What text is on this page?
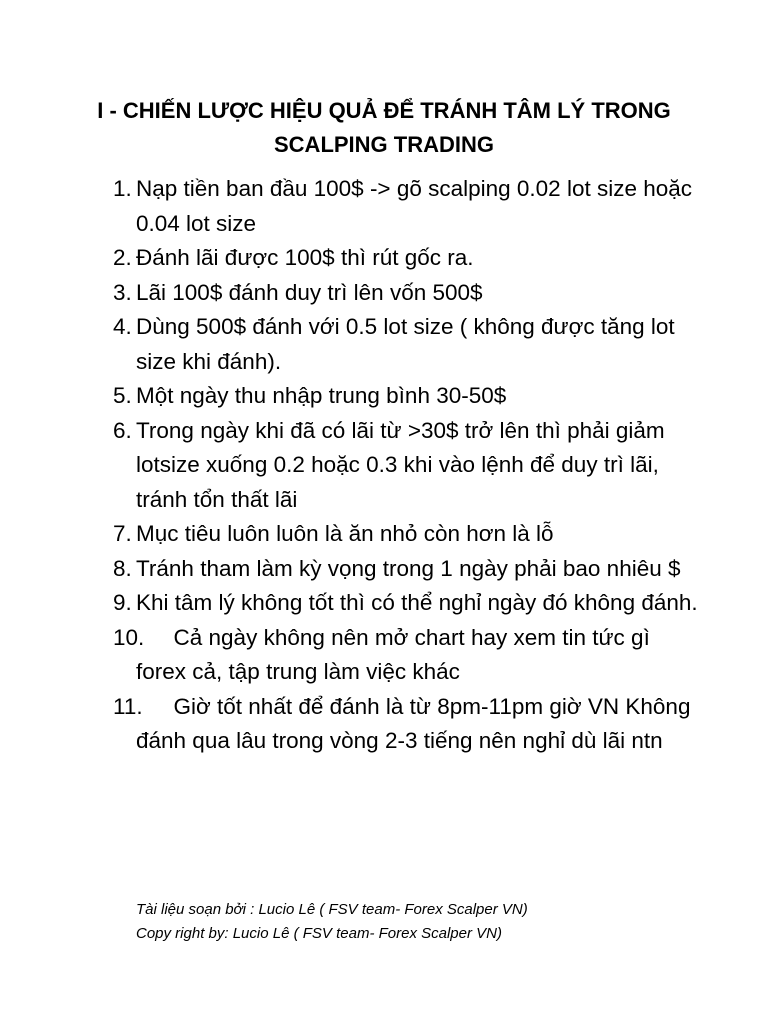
I - CHIẾN LƯỢC HIỆU QUẢ ĐỂ TRÁNH TÂM LÝ TRONG
SCALPING TRADING
1. Nạp tiền ban đầu 100$ -> gõ scalping 0.02 lot size hoặc 0.04 lot size
2. Đánh lãi được 100$ thì rút gốc ra.
3. Lãi 100$ đánh duy trì lên vốn 500$
4. Dùng 500$ đánh với 0.5 lot size ( không được tăng lot size khi đánh).
5. Một ngày thu nhập trung bình 30-50$
6. Trong ngày khi đã có lãi từ >30$ trở lên thì phải giảm lotsize xuống 0.2 hoặc 0.3 khi vào lệnh để duy trì lãi, tránh tổn thất lãi
7. Mục tiêu luôn luôn là ăn nhỏ còn hơn là lỗ
8. Tránh tham làm kỳ vọng trong 1 ngày phải bao nhiêu $
9. Khi tâm lý không tốt thì có thể nghỉ ngày đó không đánh.
10.
Cả ngày không nên mở chart hay xem tin tức gì forex cả, tập trung làm việc khác
11.
Giờ tốt nhất để đánh là từ 8pm-11pm giờ VN Không đánh qua lâu trong vòng 2-3 tiếng nên nghỉ dù lãi ntn
Tài liệu soạn bởi : Lucio Lê ( FSV team- Forex Scalper VN)
Copy right by: Lucio Lê ( FSV team- Forex Scalper VN)
